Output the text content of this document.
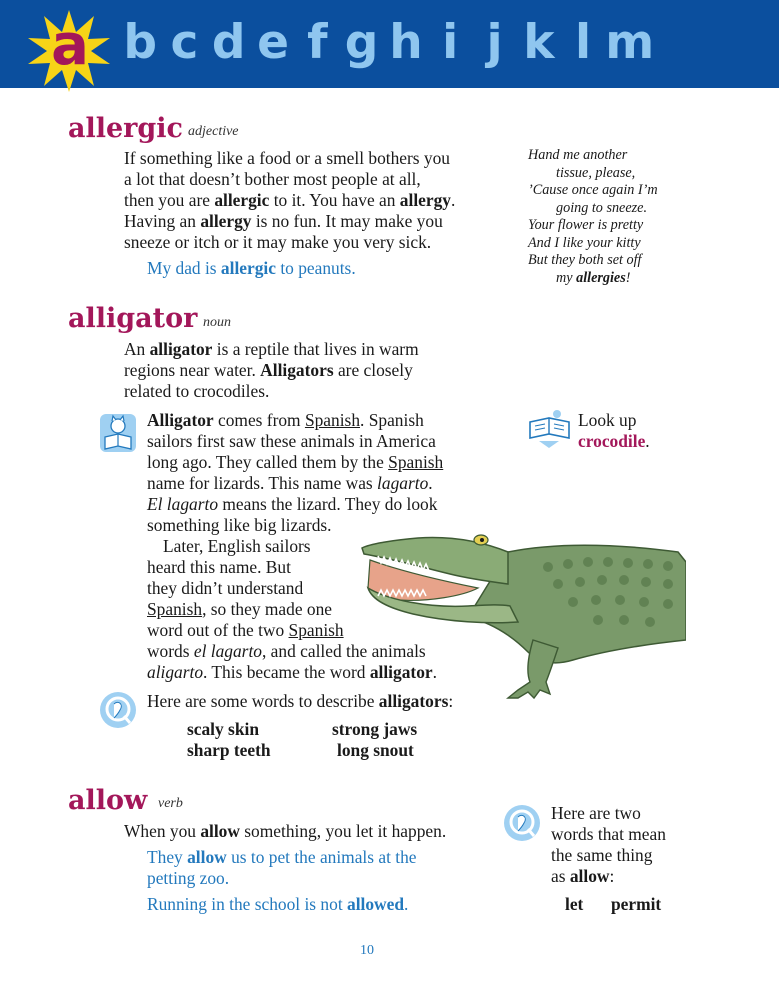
a b c d e f g h i j k l m
allergic adjective
If something like a food or a smell bothers you
a lot that doesn’t bother most people at all,
then you are allergic to it. You have an allergy.
Having an allergy is no fun. It may make you
sneeze or itch or it may make you very sick.
My dad is allergic to peanuts.
Hand me another
tissue, please,
’Cause once again I’m
going to sneeze.
Your flower is pretty
And I like your kitty
But they both set off
my allergies!
alligator noun
An alligator is a reptile that lives in warm
regions near water. Alligators are closely
related to crocodiles.
Alligator comes from Spanish. Spanish
sailors first saw these animals in America
long ago. They called them by the Spanish
name for lizards. This name was lagarto.
El lagarto means the lizard. They do look
something like big lizards.
Later, English sailors
heard this name. But
they didn’t understand
Spanish, so they made one
word out of the two Spanish
words el lagarto, and called the animals
aligarto. This became the word alligator.
Look up
crocodile.
Here are some words to describe alligators:
scaly skin	strong jaws
sharp teeth	long snout
allow verb
When you allow something, you let it happen.
They allow us to pet the animals at the
petting zoo.
Running in the school is not allowed.
Here are two
words that mean
the same thing
as allow:
let permit
10
